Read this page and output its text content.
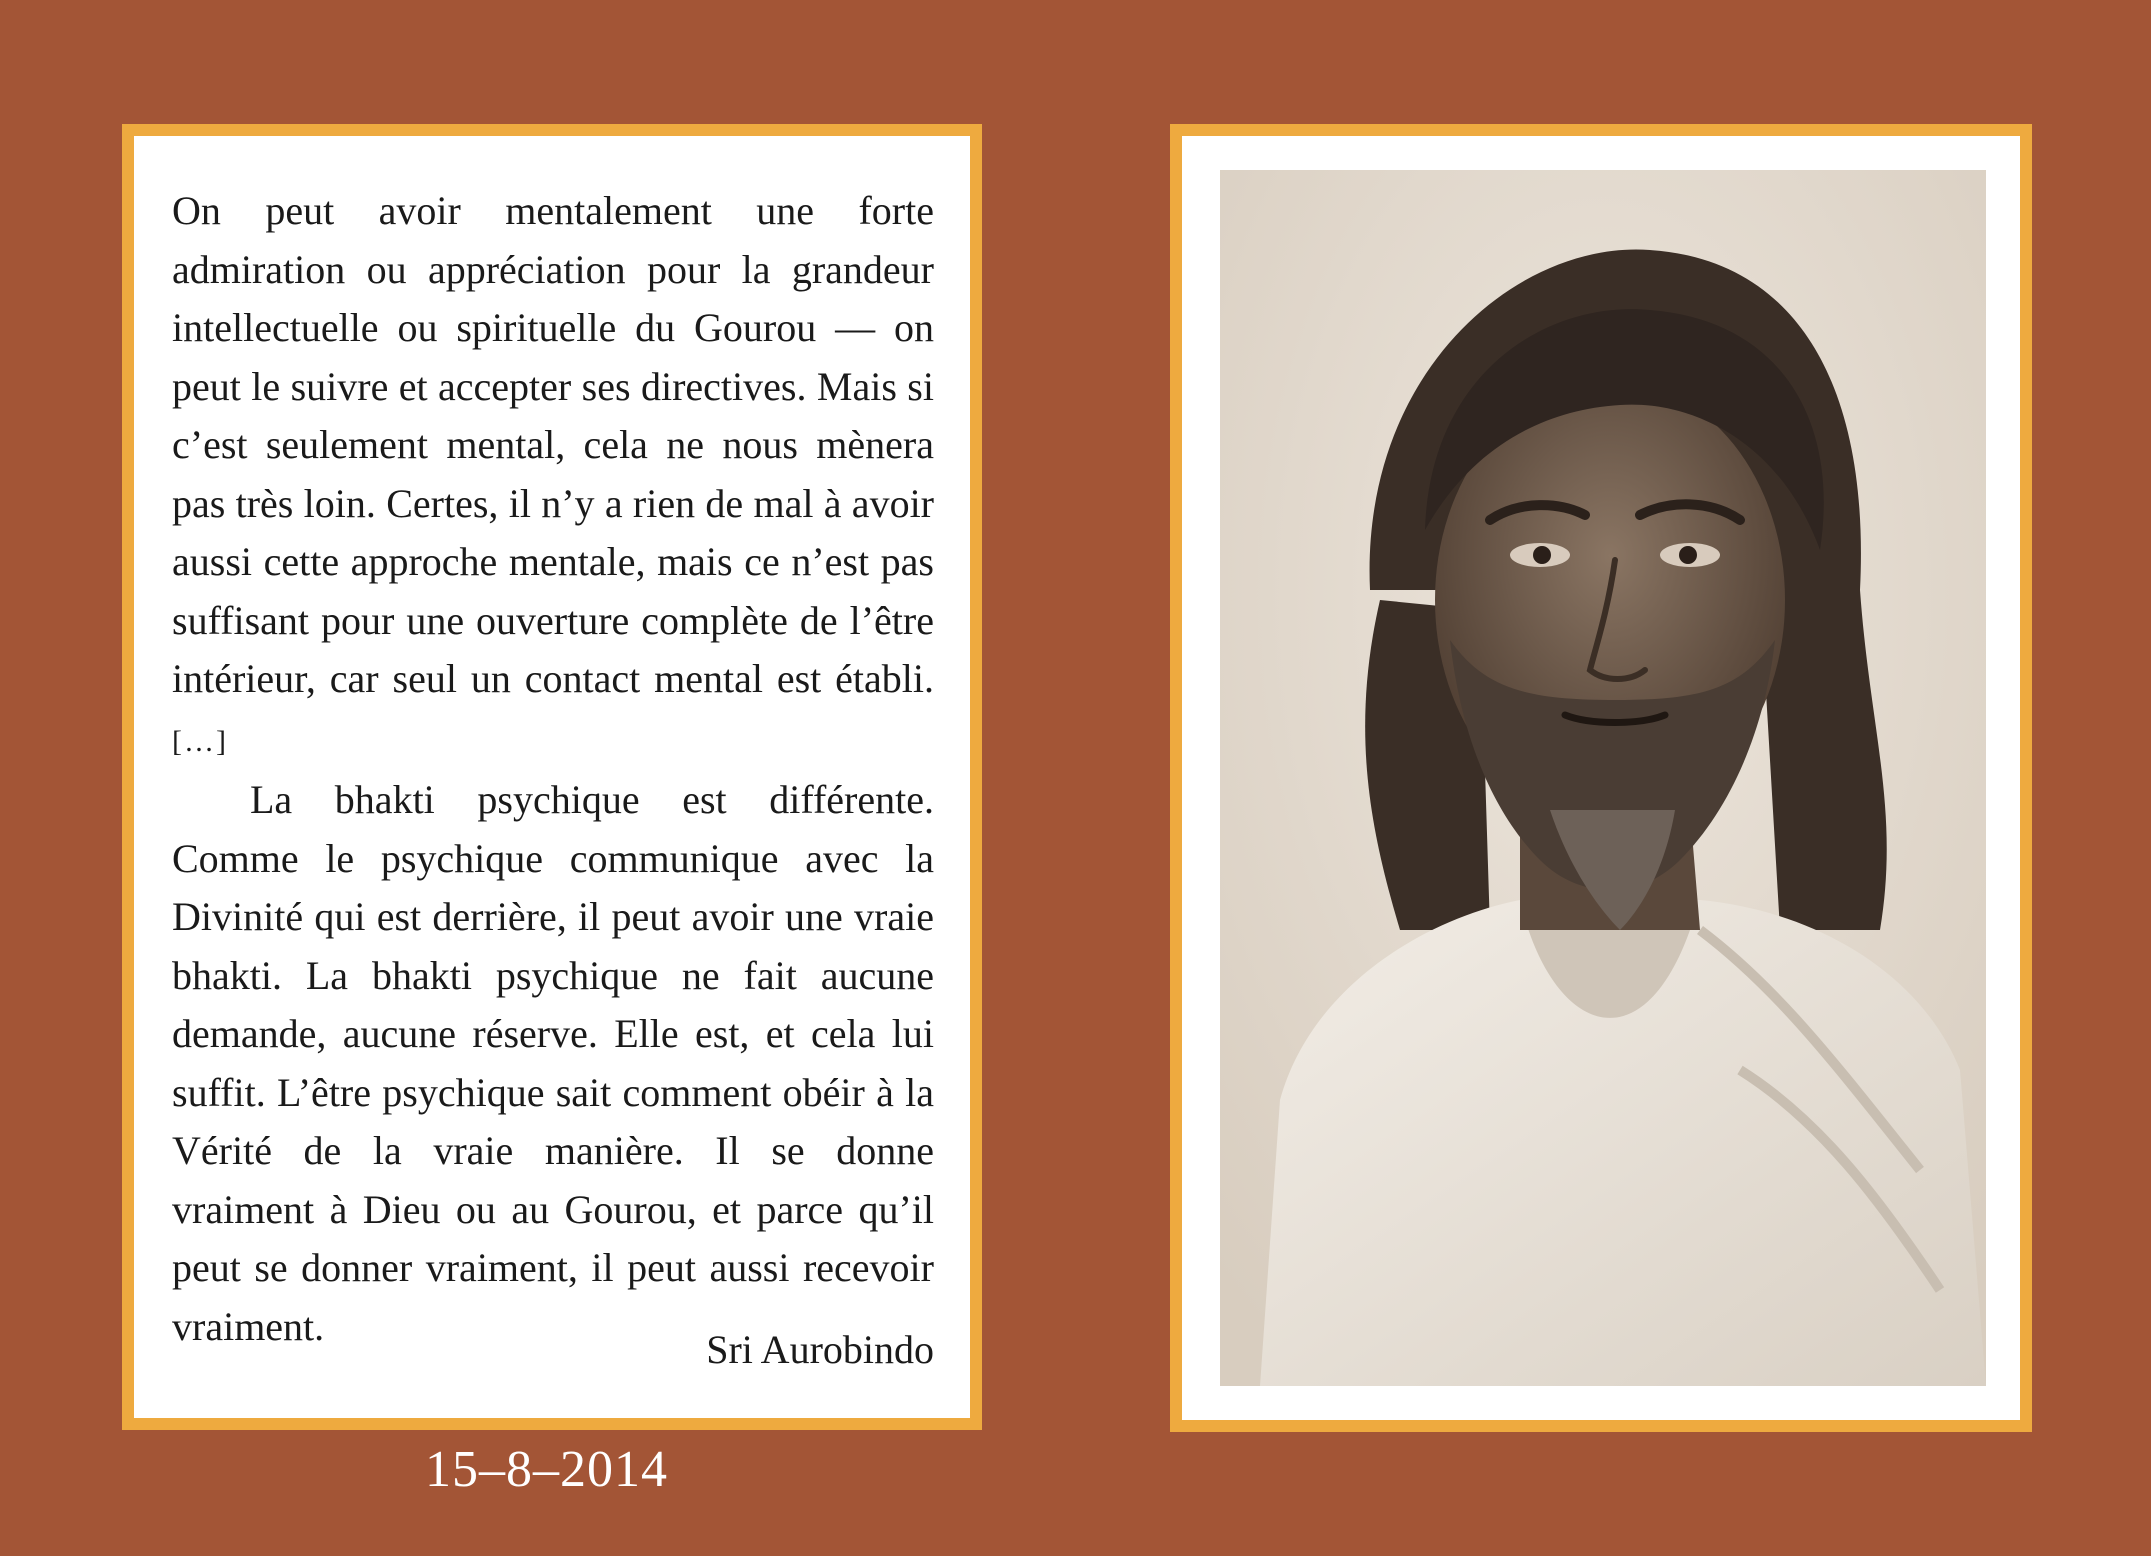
On peut avoir mentalement une forte admiration ou appréciation pour la grandeur intellectuelle ou spirituelle du Gourou — on peut le suivre et accepter ses directives. Mais si c’est seulement mental, cela ne nous mènera pas très loin. Certes, il n’y a rien de mal à avoir aussi cette approche mentale, mais ce n’est pas suffisant pour une ouverture complète de l’être intérieur, car seul un contact mental est établi. […]

La bhakti psychique est différente. Comme le psychique communique avec la Divinité qui est derrière, il peut avoir une vraie bhakti. La bhakti psychique ne fait aucune demande, aucune réserve. Elle est, et cela lui suffit. L’être psychique sait comment obéir à la Vérité de la vraie manière. Il se donne vraiment à Dieu ou au Gourou, et parce qu’il peut se donner vraiment, il peut aussi recevoir vraiment.

Sri Aurobindo
15–8–2014
